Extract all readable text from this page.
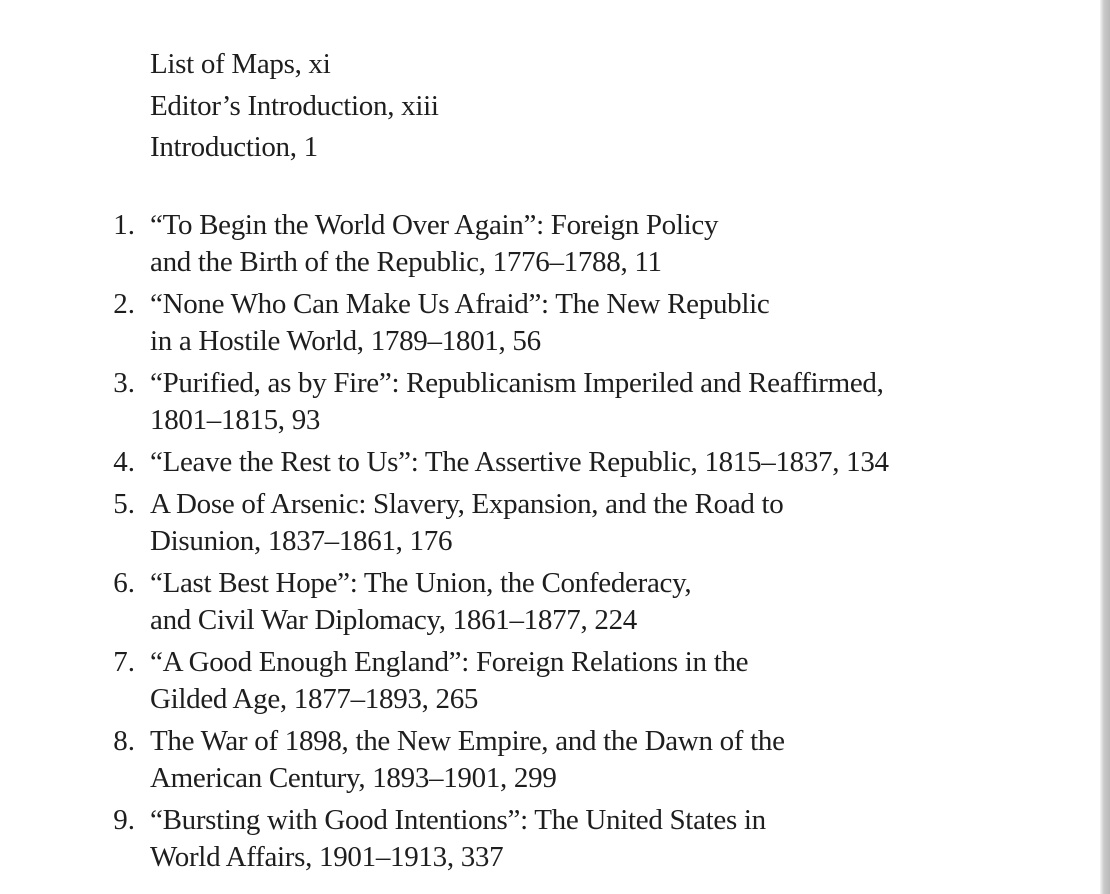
List of Maps, xi
Editor’s Introduction, xiii
Introduction, 1
1. “To Begin the World Over Again”: Foreign Policy
and the Birth of the Republic, 1776–1788, 11
2. “None Who Can Make Us Afraid”: The New Republic
in a Hostile World, 1789–1801, 56
3. “Purified, as by Fire”: Republicanism Imperiled and Reaffirmed,
1801–1815, 93
4. “Leave the Rest to Us”: The Assertive Republic, 1815–1837, 134
5. A Dose of Arsenic: Slavery, Expansion, and the Road to
Disunion, 1837–1861, 176
6. “Last Best Hope”: The Union, the Confederacy,
and Civil War Diplomacy, 1861–1877, 224
7. “A Good Enough England”: Foreign Relations in the
Gilded Age, 1877–1893, 265
8. The War of 1898, the New Empire, and the Dawn of the
American Century, 1893–1901, 299
9. “Bursting with Good Intentions”: The United States in
World Affairs, 1901–1913, 337
